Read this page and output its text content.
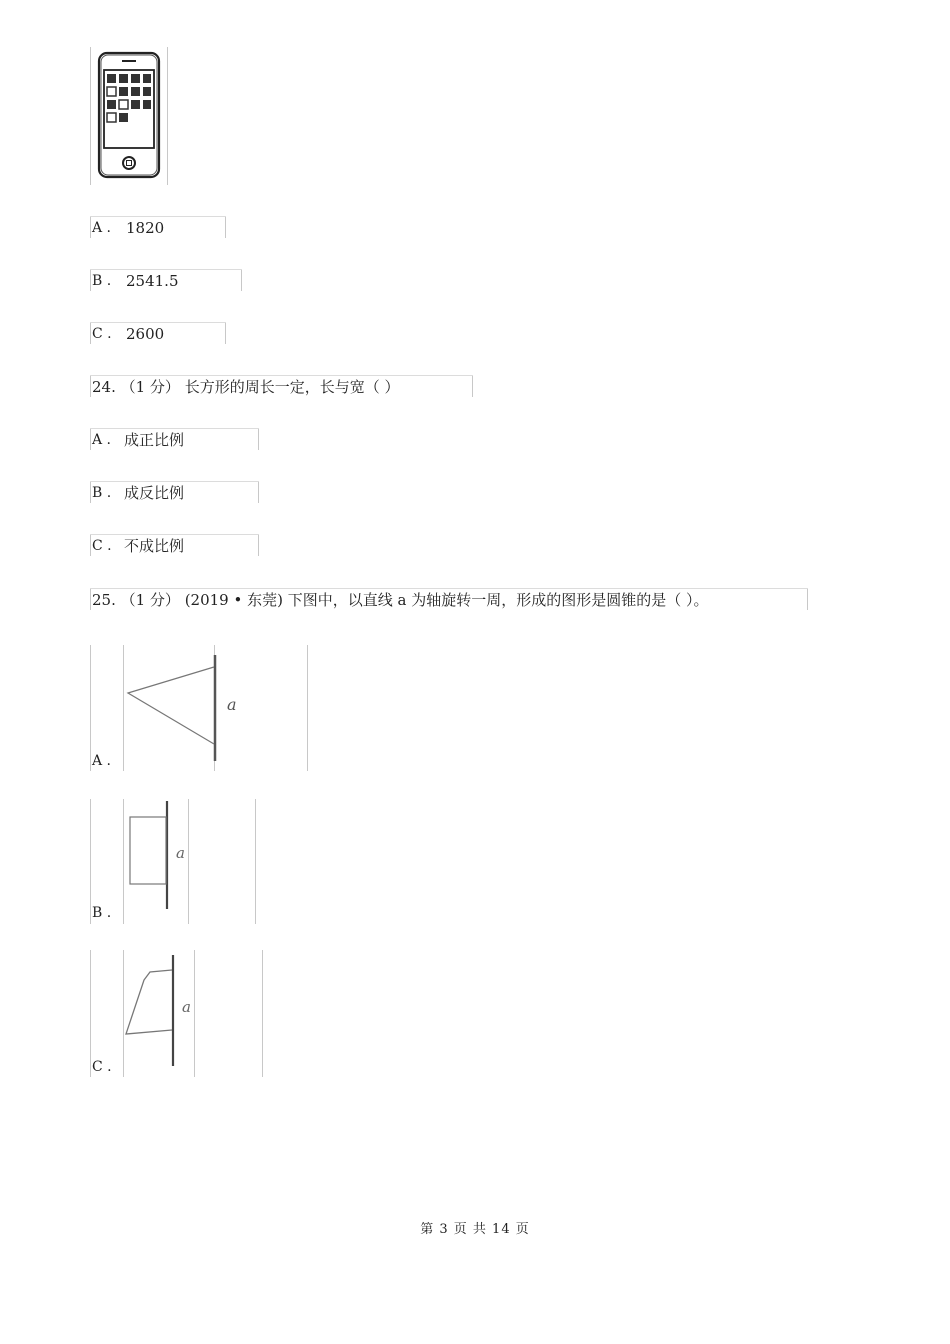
A . 1820
B . 2541.5
C . 2600
24. （1 分） 长方形的周长一定，长与宽（ ）
A . 成正比例
B . 成反比例
C . 不成比例
25. （1 分） (2019 • 东莞) 下图中，以直线 a 为轴旋转一周，形成的图形是圆锥的是（ ）。
A .
a
B .
a
C .
a
第 3 页 共 14 页
